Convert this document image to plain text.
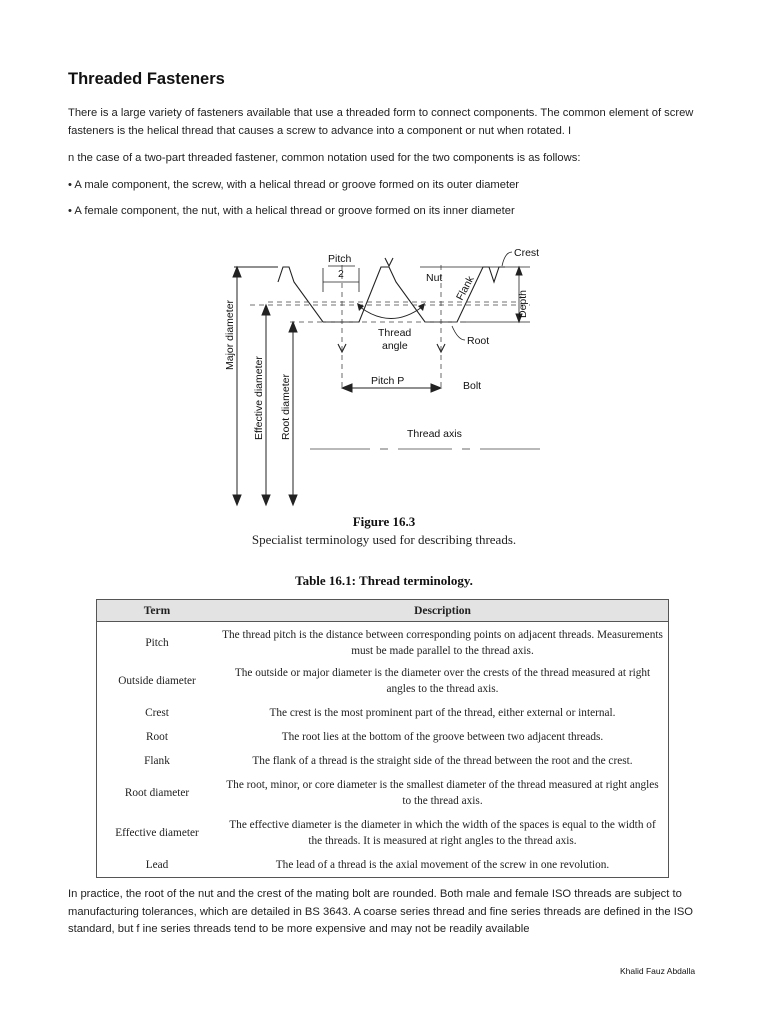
Threaded Fasteners
There is a large variety of fasteners available that use a threaded form to connect components. The common element of screw fasteners is the helical thread that causes a screw to advance into a component or nut when rotated. I
n the case of a two-part threaded fastener, common notation used for the two components is as follows:
• A male component, the screw, with a helical thread or groove formed on its outer diameter
• A female component, the nut, with a helical thread or groove formed on its inner diameter
Crest
Pitch
2	Nut Flank
Depth
Thread
angle	Root
Major diameter
Effective diameter Root diameter	Pitch P	Bolt
Thread axis
Figure 16.3
Specialist terminology used for describing threads.
Table 16.1: Thread terminology.
Term	Description
Pitch	The thread pitch is the distance between corresponding points on adjacent threads. Measurements must be made parallel to the thread axis.
Outside diameter	The outside or major diameter is the diameter over the crests of the thread measured at right angles to the thread axis.
Crest	The crest is the most prominent part of the thread, either external or internal.
Root	The root lies at the bottom of the groove between two adjacent threads.
Flank	The flank of a thread is the straight side of the thread between the root and the crest.
Root diameter	The root, minor, or core diameter is the smallest diameter of the thread measured at right angles to the thread axis.
Effective diameter	The effective diameter is the diameter in which the width of the spaces is equal to the width of the threads. It is measured at right angles to the thread axis.
Lead	The lead of a thread is the axial movement of the screw in one revolution.
In practice, the root of the nut and the crest of the mating bolt are rounded. Both male and female ISO threads are subject to manufacturing tolerances, which are detailed in BS 3643. A coarse series thread and fine series threads are defined in the ISO standard, but f ine series threads tend to be more expensive and may not be readily available
Khalid Fauz Abdalla
